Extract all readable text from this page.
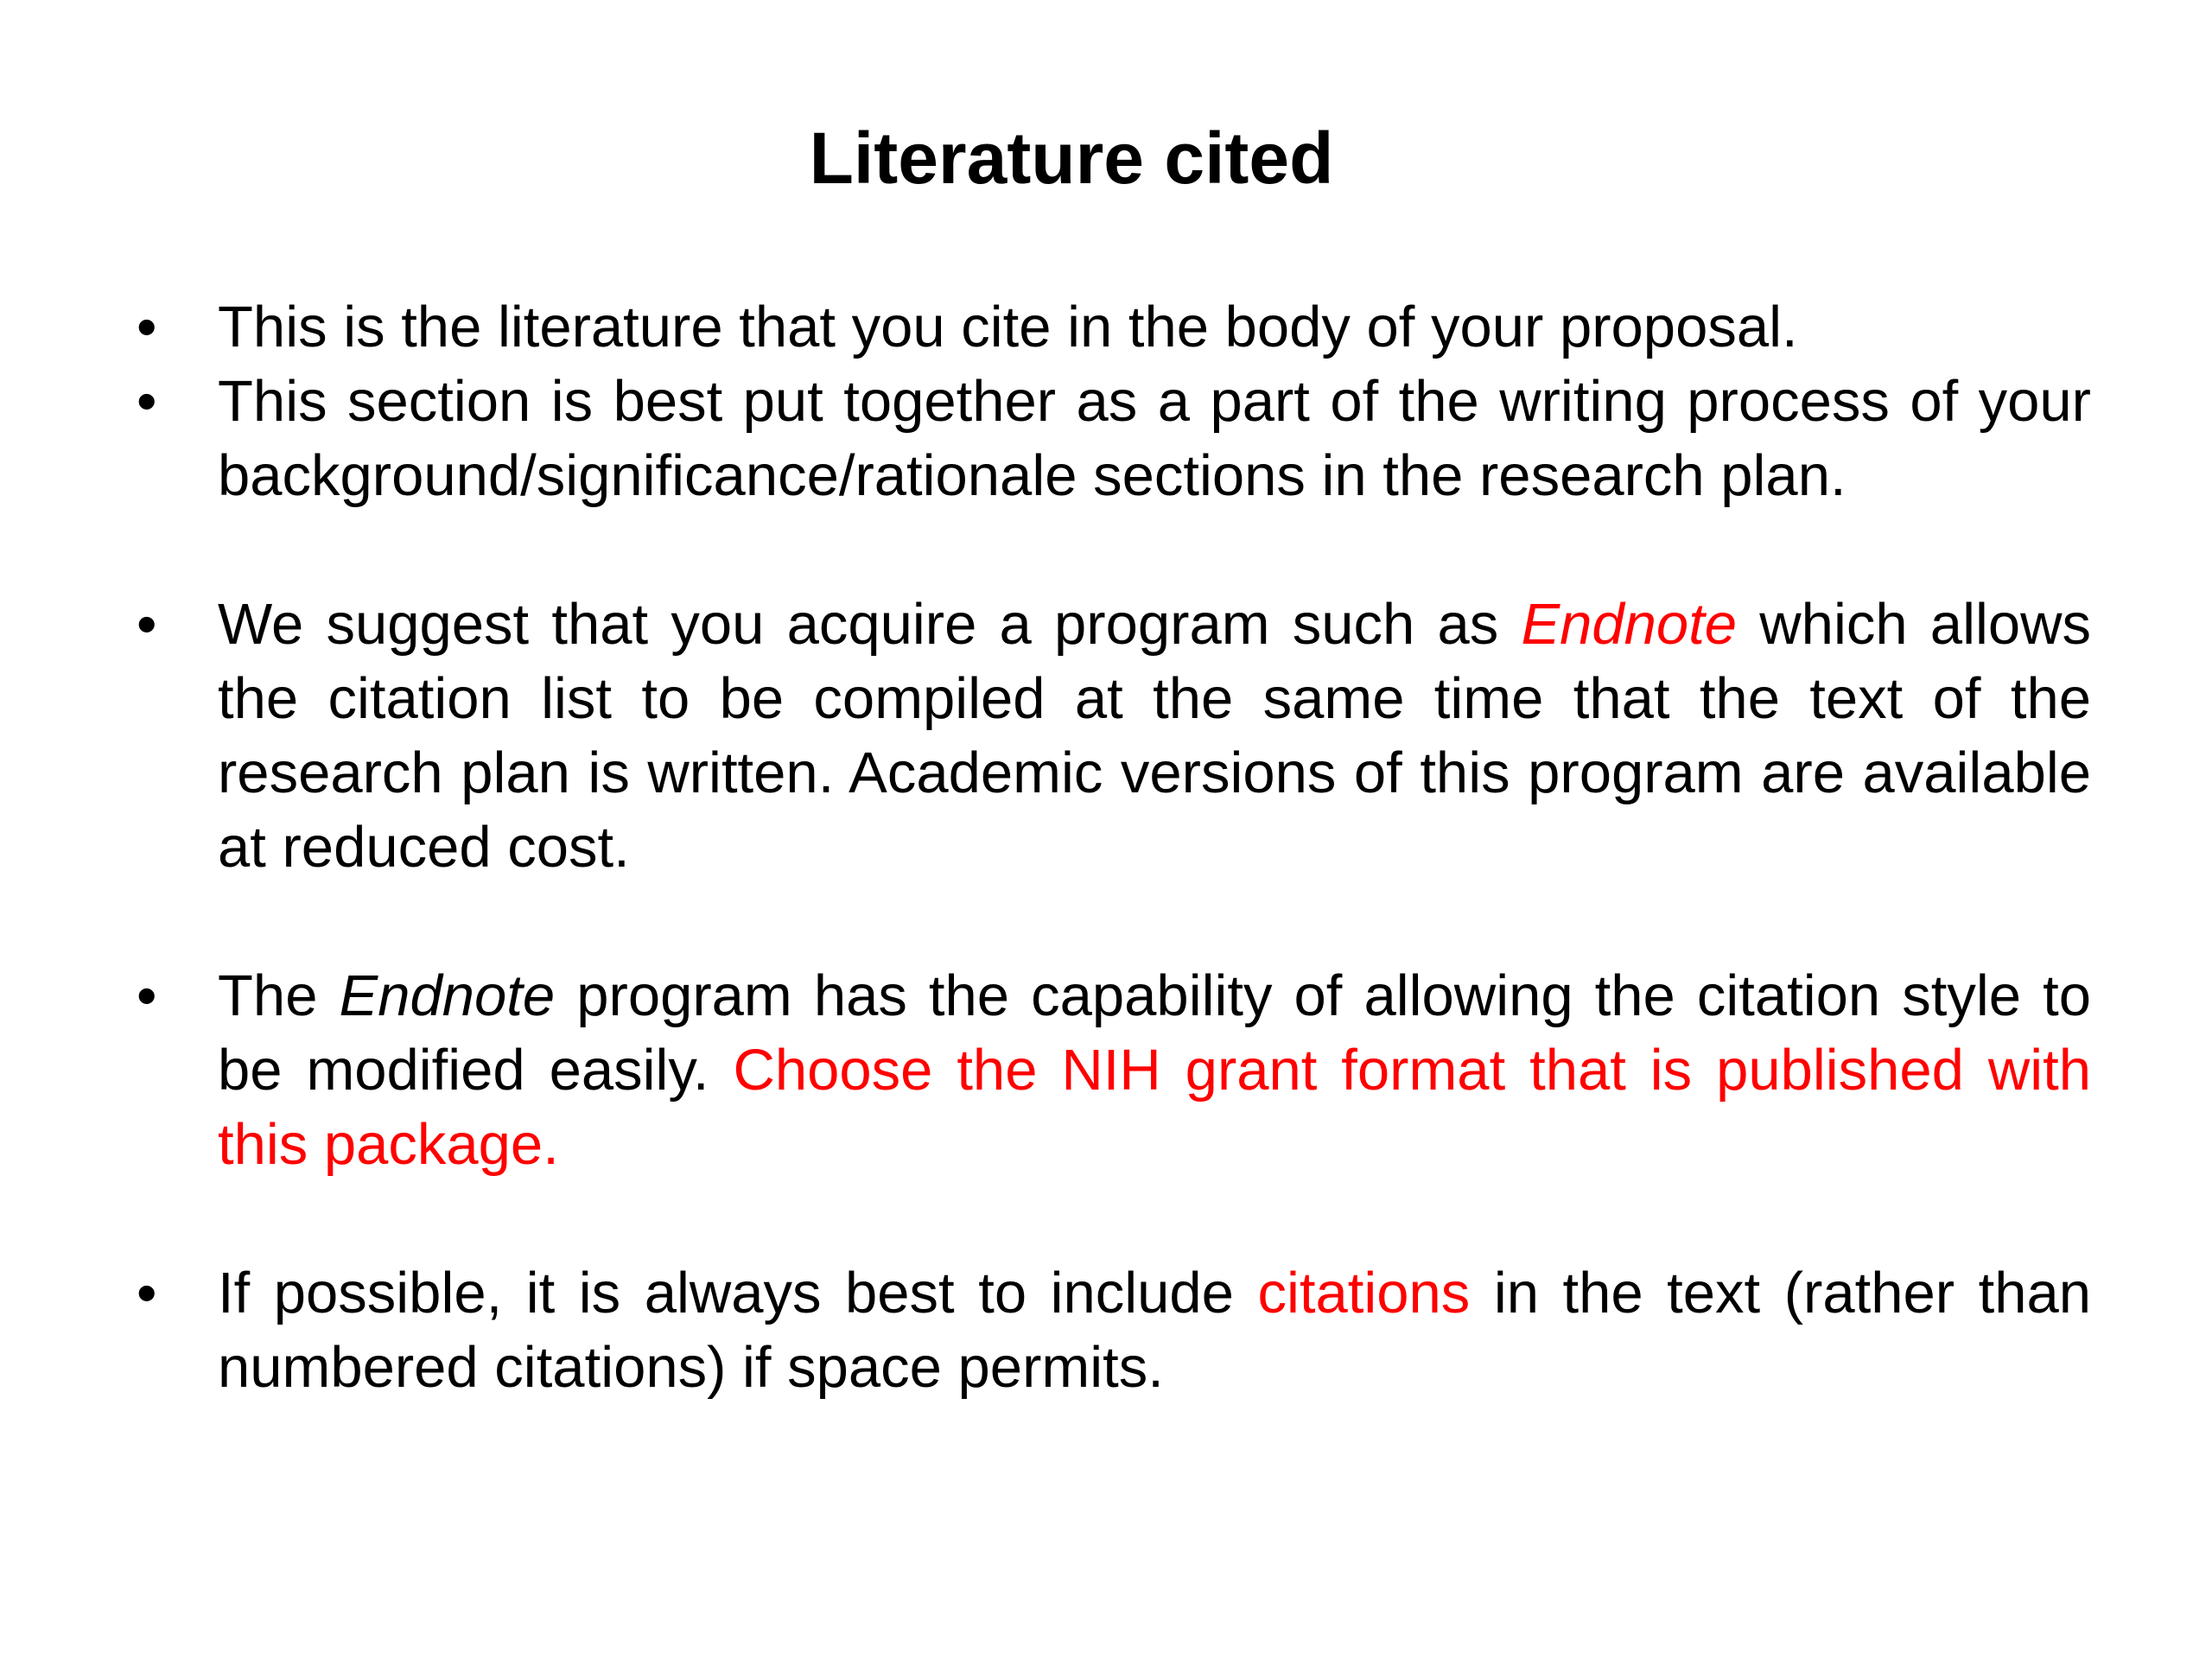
Literature cited
• This is the literature that you cite in the body of your proposal.
• This section is best put together as a part of the writing process of your background/significance/rationale sections in the research plan.
• We suggest that you acquire a program such as Endnote which allows the citation list to be compiled at the same time that the text of the research plan is written. Academic versions of this program are available at reduced cost.
• The Endnote program has the capability of allowing the citation style to be modified easily. Choose the NIH grant format that is published with this package.
• If possible, it is always best to include citations in the text (rather than numbered citations) if space permits.
